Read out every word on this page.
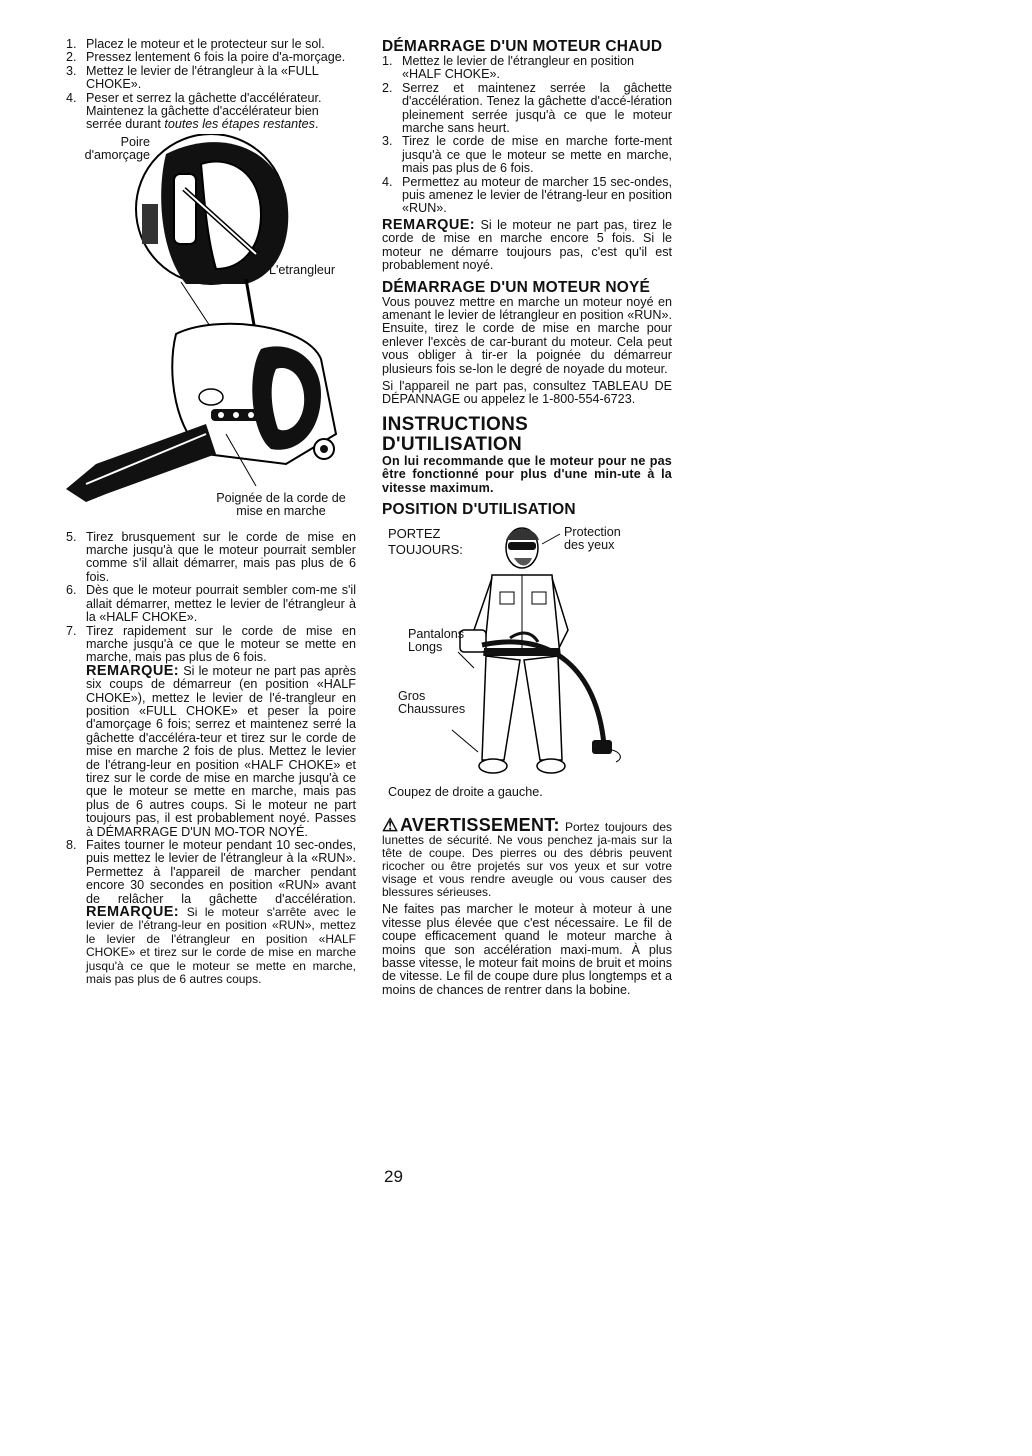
1. Placez le moteur et le protecteur sur le sol.
2. Pressez lentement 6 fois la poire d'a-morçage.
3. Mettez le levier de l'étrangleur à la «FULL CHOKE».
4. Peser et serrez la gâchette d'accélérateur. Maintenez la gâchette d'accélérateur bien serrée durant toutes les étapes restantes.
Poire d'amorçage
L'etrangleur
Poignée de la corde de mise en marche
5. Tirez brusquement sur le corde de mise en marche jusqu'à que le moteur pourrait sembler comme s'il allait démarrer, mais pas plus de 6 fois.
6. Dès que le moteur pourrait sembler com-me s'il allait démarrer, mettez le levier de l'étrangleur à la «HALF CHOKE».
7. Tirez rapidement sur le corde de mise en marche jusqu'à ce que le moteur se mette en marche, mais pas plus de 6 fois.
REMARQUE: Si le moteur ne part pas après six coups de démarreur (en position «HALF CHOKE»), mettez le levier de l'é-trangleur en position «FULL CHOKE» et peser la poire d'amorçage 6 fois; serrez et maintenez serré la gâchette d'accéléra-teur et tirez sur le corde de mise en marche 2 fois de plus. Mettez le levier de l'étrang-leur en position «HALF CHOKE» et tirez sur le corde de mise en marche jusqu'à ce que le moteur se mette en marche, mais pas plus de 6 autres coups. Si le moteur ne part toujours pas, il est probablement noyé. Passes à DÉMARRAGE D'UN MO-TOR NOYÉ.
8. Faites tourner le moteur pendant 10 sec-ondes, puis mettez le levier de l'étrangleur à la «RUN». Permettez à l'appareil de marcher pendant encore 30 secondes en position «RUN» avant de relâcher la gâchette d'accélération. REMARQUE: Si le moteur s'arrête avec le levier de l'étrang-leur en position «RUN», mettez le levier de l'étrangleur en position «HALF CHOKE» et tirez sur le corde de mise en marche jusqu'à ce que le moteur se mette en marche, mais pas plus de 6 autres coups.
DÉMARRAGE D'UN MOTEUR CHAUD
1. Mettez le levier de l'étrangleur en position «HALF CHOKE».
2. Serrez et maintenez serrée la gâchette d'accélération. Tenez la gâchette d'accé-lération pleinement serrée jusqu'à ce que le moteur marche sans heurt.
3. Tirez le corde de mise en marche forte-ment jusqu'à ce que le moteur se mette en marche, mais pas plus de 6 fois.
4. Permettez au moteur de marcher 15 sec-ondes, puis amenez le levier de l'étrang-leur en position «RUN».

REMARQUE: Si le moteur ne part pas, tirez le corde de mise en marche encore 5 fois. Si le moteur ne démarre toujours pas, c'est qu'il est probablement noyé.

DÉMARRAGE D'UN MOTEUR NOYÉ

Vous pouvez mettre en marche un moteur noyé en amenant le levier de létrangleur en position «RUN». Ensuite, tirez le corde de mise en marche pour enlever l'excès de car-burant du moteur. Cela peut vous obliger à tir-er la poignée du démarreur plusieurs fois se-lon le degré de noyade du moteur.

Si l'appareil ne part pas, consultez TABLEAU DE DÉPANNAGE ou appelez le 1-800-554-6723.

INSTRUCTIONS D'UTILISATION

On lui recommande que le moteur pour ne pas être fonctionné pour plus d'une min-ute à la vitesse maximum.

POSITION D'UTILISATION
PORTEZ TOUJOURS:
Protection des yeux
Pantalons Longs
Gros Chaussures

Coupez de droite a gauche.

⚠AVERTISSEMENT: Portez toujours des lunettes de sécurité. Ne vous penchez ja-mais sur la tête de coupe. Des pierres ou des débris peuvent ricocher ou être projetés sur vos yeux et sur votre visage et vous rendre aveugle ou vous causer des blessures sérieuses.

Ne faites pas marcher le moteur à moteur à une vitesse plus élevée que c'est nécessaire. Le fil de coupe efficacement quand le moteur marche à moins que son accélération maxi-mum. À plus basse vitesse, le moteur fait moins de bruit et moins de vitesse. Le fil de coupe dure plus longtemps et a moins de chances de rentrer dans la bobine.

29
